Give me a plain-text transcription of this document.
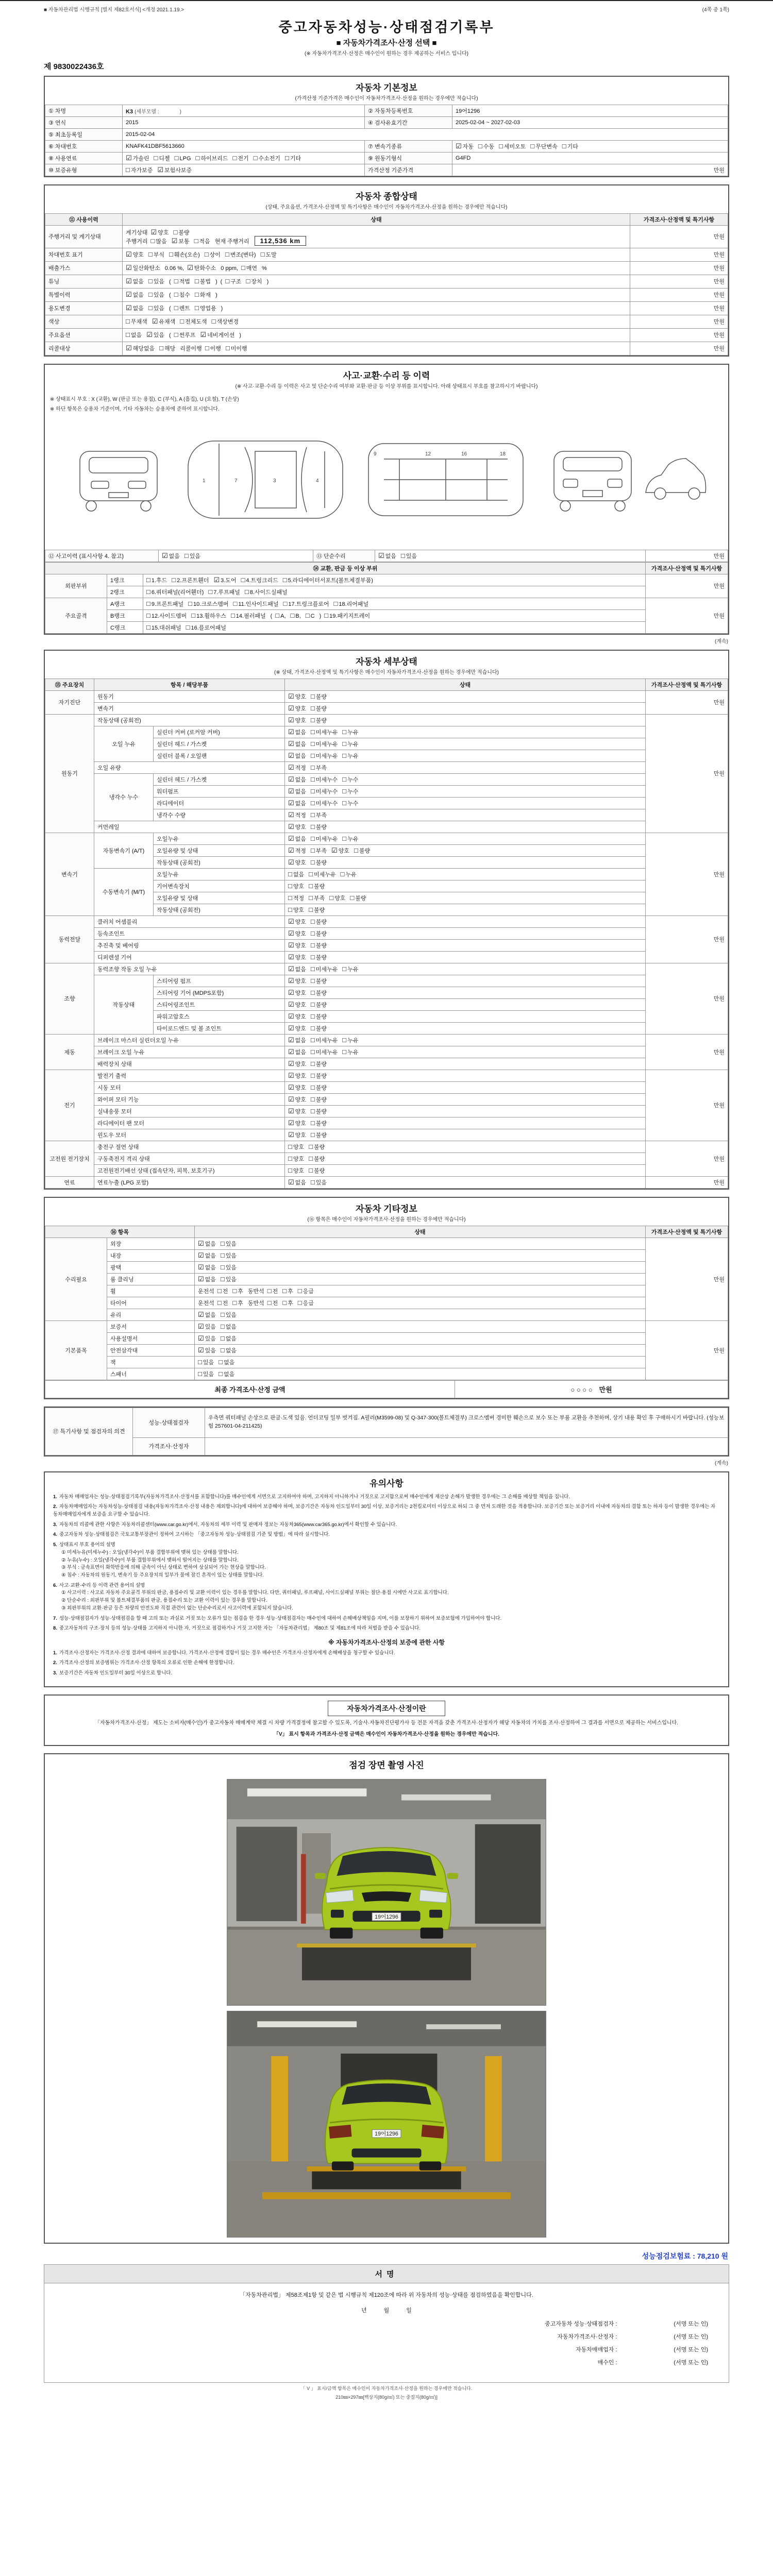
■ 자동차관리법 시행규칙 [별지 제82호서식] <개정 2021.1.19.>	(4쪽 중 1쪽)
중고자동차성능·상태점검기록부
■ 자동차가격조사·산정 선택 ■
(※ 자동차가격조사·산정은 매수인이 원하는 경우 제공하는 서비스 입니다)
제 9830022436호
자동차 기본정보
(가격산정 기준가격은 매수인이 자동차가격조사·산정을 원하는 경우에만 적습니다)
① 차명	K3 (세부모델 :　　　　)	② 자동차등록번호	19어1296
③ 연식	2015	④ 검사유효기간	2025-02-04 ~ 2027-02-03
⑤ 최초등록일	2015-02-04		
⑥ 차대번호	KNAFK41DBF5613660	⑦ 변속기종류	☑ 자동 □ 수동 □ 세미오토 □ 무단변속 □ 기타
⑧ 사용연료	☑ 가솔린 □ 디젤 □ LPG □ 하이브리드 □ 전기 □ 수소전기 □ 기타	⑨ 원동기형식	G4FD
⑩ 보증유형	□ 자가보증 ☑ 보험사보증	가격산정 기준가격	만원
자동차 종합상태
(상태, 주요옵션, 가격조사·산정액 및 특기사항은 매수인이 자동차가격조사·산정을 원하는 경우에만 적습니다)
⑪ 사용이력	상태	가격조사·산정액 및 특기사항
주행거리 및 계기상태	계기상태 ☑ 양호 □ 불량
주행거리 □ 많음 ☑ 보통 □ 적음 현재 주행거리 112,536 km	만원
차대번호 표기	☑ 양호 □ 부식 □ 훼손(오손) □ 상이 □ 변조(변타) □ 도말	만원
배출가스	☑ 일산화탄소 0.06 %, ☑ 탄화수소 0 ppm, □ 매연 %	만원
튜닝	☑ 없음 □ 있음 ( □ 적법 □ 불법 ) ( □ 구조 □ 장치 )	만원
특별이력	☑ 없음 □ 있음 ( □ 침수 □ 화재 )	만원
용도변경	☑ 없음 □ 있음 ( □ 렌트 □ 영업용 )	만원
색상	□ 무채색 ☑ 유채색 □ 전체도색 □ 색상변경	만원
주요옵션	□ 없음 ☑ 있음 ( □ 썬루프 ☑ 네비게이션 )	만원
리콜대상	☑ 해당없음 □ 해당 리콜이행 □ 이행 □ 미이행	만원
사고·교환·수리 등 이력
(※ 사고·교환·수리 등 이력은 사고 및 단순수리 여부와 교환·판금 등 이상 부위를 표시합니다. 아래 상태표시 부호를 참고하시기 바랍니다)
※ 상태표시 부호 : X (교환), W (판금 또는 용접), C (부식), A (흠집), U (요철), T (손상)
※ 하단 항목은 승용차 기준이며, 기타 자동차는 승용차에 준하여 표시합니다.
1	7	3	4
9	12	16	18
⑫ 사고이력 (표시사항 4. 참고)	☑ 없음 □ 있음	⑬ 단순수리	☑ 없음 □ 있음	만원
⑭ 교환, 판금 등 이상 부위			가격조사·산정액 및 특기사항
외판부위	1랭크	□ 1.후드 □ 2.프론트휀더 ☑ 3.도어 □ 4.트렁크리드 □ 5.라디에이터서포트(볼트체결부품)	만원
	2랭크	□ 6.쿼터패널(리어휀더) □ 7.루프패널 □ 8.사이드실패널	
주요골격	A랭크	□ 9.프론트패널 □ 10.크로스멤버 □ 11.인사이드패널 □ 17.트렁크플로어 □ 18.리어패널	만원
	B랭크	□ 12.사이드멤버 □ 13.휠하우스 □ 14.필러패널 ( □ A, □ B, □ C ) □ 19.패키지트레이	
	C랭크	□ 15.대쉬패널 □ 16.플로어패널	
(계속)
자동차 세부상태
(※ 상태, 가격조사·산정액 및 특기사항은 매수인이 자동차가격조사·산정을 원하는 경우에만 적습니다)
⑮ 주요장치	항목 / 해당부품		상태	가격조사·산정액 및 특기사항
자기진단	원동기		☑ 양호 □ 불량	만원
	변속기		☑ 양호 □ 불량	
원동기	작동상태 (공회전)		☑ 양호 □ 불량	만원
	오일 누유	실린더 커버 (로커암 커버)	☑ 없음 □ 미세누유 □ 누유	
		실린더 헤드 / 가스켓	☑ 없음 □ 미세누유 □ 누유	
		실린더 블록 / 오일팬	☑ 없음 □ 미세누유 □ 누유	
	오일 유량		☑ 적정 □ 부족	
	냉각수 누수	실린더 헤드 / 가스켓	☑ 없음 □ 미세누수 □ 누수	
		워터펌프	☑ 없음 □ 미세누수 □ 누수	
		라디에이터	☑ 없음 □ 미세누수 □ 누수	
		냉각수 수량	☑ 적정 □ 부족	
	커먼레일		☑ 양호 □ 불량	
변속기	자동변속기 (A/T)	오일누유	☑ 없음 □ 미세누유 □ 누유	만원
		오일유량 및 상태	☑ 적정 □ 부족 ☑ 양호 □ 불량	
		작동상태 (공회전)	☑ 양호 □ 불량	
	수동변속기 (M/T)	오일누유	□ 없음 □ 미세누유 □ 누유	
		기어변속장치	□ 양호 □ 불량	
		오일유량 및 상태	□ 적정 □ 부족 □ 양호 □ 불량	
		작동상태 (공회전)	□ 양호 □ 불량	
동력전달	클러치 어셈블리		☑ 양호 □ 불량	만원
	등속조인트		☑ 양호 □ 불량	
	추진축 및 베어링		☑ 양호 □ 불량	
	디퍼렌셜 기어		☑ 양호 □ 불량	
조향	동력조향 작동 오일 누유		☑ 없음 □ 미세누유 □ 누유	만원
	작동상태	스티어링 펌프	☑ 양호 □ 불량	
		스티어링 기어 (MDPS포함)	☑ 양호 □ 불량	
		스티어링조인트	☑ 양호 □ 불량	
		파워고압호스	☑ 양호 □ 불량	
		타이로드엔드 및 볼 조인트	☑ 양호 □ 불량	
제동	브레이크 마스터 실린더오일 누유		☑ 없음 □ 미세누유 □ 누유	만원
	브레이크 오일 누유		☑ 없음 □ 미세누유 □ 누유	
	배력장치 상태		☑ 양호 □ 불량	
전기	발전기 출력		☑ 양호 □ 불량	만원
	시동 모터		☑ 양호 □ 불량	
	와이퍼 모터 기능		☑ 양호 □ 불량	
	실내송풍 모터		☑ 양호 □ 불량	
	라디에이터 팬 모터		☑ 양호 □ 불량	
	윈도우 모터		☑ 양호 □ 불량	
고전원 전기장치	충전구 절연 상태		□ 양호 □ 불량	만원
	구동축전지 격리 상태		□ 양호 □ 불량	
	고전원전기배선 상태 (접속단자, 피복, 보호기구)		□ 양호 □ 불량	
연료	연료누출 (LPG 포함)		☑ 없음 □ 있음	만원
자동차 기타정보
(⑯ 항목은 매수인이 자동차가격조사·산정을 원하는 경우에만 적습니다)
⑯ 항목		상태	가격조사·산정액 및 특기사항
수리필요	외장	☑ 없음 □ 있음	만원
	내장	☑ 없음 □ 있음	
	광택	☑ 없음 □ 있음	
	룸 클리닝	☑ 없음 □ 있음	
	휠	운전석 □ 전 □ 후 동반석 □ 전 □ 후 □ 응급	
	타이어	운전석 □ 전 □ 후 동반석 □ 전 □ 후 □ 응급	
	유리	☑ 없음 □ 있음	
기본품목	보증서	☑ 있음 □ 없음	만원
	사용설명서	☑ 있음 □ 없음	
	안전삼각대	☑ 있음 □ 없음	
	잭	□ 있음 □ 없음	
	스패너	□ 있음 □ 없음	
최종 가격조사·산정 금액	○ ○ ○ ○　만원
⑰ 특기사항 및 점검자의 의견	성능·상태점검자	우측면 쿼터패널 손상으로 판금·도색 있음. 언더코팅 일부 벗겨짐. A필러(M3599-08) 및 Q-347-300(볼트체결부) 크로스멤버 경미한 훼손으로 보수 또는 부품 교환을 추천하며, 상기 내용 확인 후 구매하시기 바랍니다. (성능보험 257601-04-211425)
	가격조사·산정자	
(계속)
유의사항
1. 자동차 매매업자는 성능·상태점검기록부(자동차가격조사·산정서를 포함합니다)를 매수인에게 서면으로 고지하여야 하며, 고지하지 아니하거나 거짓으로 고지함으로써 매수인에게 재산상 손해가 발생한 경우에는 그 손해를 배상할 책임을 집니다.
2. 자동차매매업자는 자동차성능·상태점검 내용(자동차가격조사·산정 내용은 제외합니다)에 대하여 보증해야 하며, 보증기간은 자동차 인도일부터 30일 이상, 보증거리는 2천킬로미터 이상으로 하되 그 중 먼저 도래한 것을 적용합니다. 보증기간 또는 보증거리 이내에 자동차의 결함 또는 하자 등이 발생한 경우에는 자동차매매업자에게 보증을 요구할 수 있습니다.
3. 자동차의 리콜에 관한 사항은 자동차리콜센터(www.car.go.kr)에서, 자동차의 세부 이력 및 판매자 정보는 자동차365(www.car365.go.kr)에서 확인할 수 있습니다.
4. 중고자동차 성능·상태점검은 국토교통부장관이 정하여 고시하는 「중고자동차 성능·상태점검 기준 및 방법」에 따라 실시합니다.
5. 상태표시 부호 용어의 설명
① 미세누유(미세누수) : 오일(냉각수)이 부품 결합부위에 맺혀 있는 상태를 말합니다.
② 누유(누수) : 오일(냉각수)이 부품 결합부위에서 맺혀서 떨어지는 상태를 말합니다.
③ 부식 : 금속표면이 화학반응에 의해 금속이 아닌 상태로 변하여 상실되어 가는 현상을 말합니다.
④ 침수 : 자동차의 원동기, 변속기 등 주요장치의 일부가 물에 잠긴 흔적이 있는 상태를 말합니다.
6. 사고·교환·수리 등 이력 관련 용어의 설명
① 사고이력 : 사고로 자동차 주요골격 부위의 판금, 용접수리 및 교환 이력이 있는 경우를 말합니다. 다만, 쿼터패널, 루프패널, 사이드실패널 부위는 절단·용접 시에만 사고로 표기합니다.
② 단순수리 : 외판부위 및 볼트체결부품의 판금, 용접수리 또는 교환 이력이 있는 경우를 말합니다.
③ 외판부위의 교환·판금 등은 차량의 안전도와 직접 관련이 없는 단순수리로서 사고이력에 포함되지 않습니다.
7. 성능·상태점검자가 성능·상태점검을 할 때 고의 또는 과실로 거짓 또는 오류가 있는 점검을 한 경우 성능·상태점검자는 매수인에 대하여 손해배상책임을 지며, 이를 보장하기 위하여 보증보험에 가입하여야 합니다.
8. 중고자동차의 구조·장치 등의 성능·상태를 고지하지 아니한 자, 거짓으로 점검하거나 거짓 고지한 자는 「자동차관리법」 제80조 및 제81조에 따라 처벌을 받을 수 있습니다.
※ 자동차가격조사·산정의 보증에 관한 사항
1. 가격조사·산정자는 가격조사·산정 결과에 대하여 보증합니다. 가격조사·산정에 결함이 있는 경우 매수인은 가격조사·산정자에게 손해배상을 청구할 수 있습니다.
2. 가격조사·산정의 보증범위는 가격조사·산정 항목의 오류로 인한 손해에 한정합니다.
3. 보증기간은 자동차 인도일부터 30일 이상으로 합니다.
자동차가격조사·산정이란
「자동차가격조사·산정」 제도는 소비자(매수인)가 중고자동차 매매계약 체결 시 차량 가격결정에 참고할 수 있도록, 기술사·자동차진단평가사 등 전문 자격을 갖춘 가격조사·산정자가 해당 자동차의 가치를 조사·산정하여 그 결과를 서면으로 제공하는 서비스입니다.
「V」 표시 항목과 가격조사·산정 금액은 매수인이 자동차가격조사·산정을 원하는 경우에만 적습니다.
점검 장면 촬영 사진
19어1296
19어1296
성능점검보험료 : 78,210 원
서명
「자동차관리법」 제58조제1항 및 같은 법 시행규칙 제120조에 따라 위 자동차의 성능·상태를 점검하였음을 확인합니다.
년　　　월　　　일
중고자동차 성능·상태점검자 :　　　　　　　　　　(서명 또는 인)
자동차가격조사·산정자 :　　　　　　　　　　(서명 또는 인)
자동차매매업자 :　　　　　　　　　　(서명 또는 인)
매수인 :　　　　　　　　　　(서명 또는 인)
「 V 」 표시/금액 항목은 매수인이 자동차가격조사·산정을 원하는 경우에만 적습니다.
210㎜×297㎜[백상지(80g/㎡) 또는 중질지(80g/㎡)]
